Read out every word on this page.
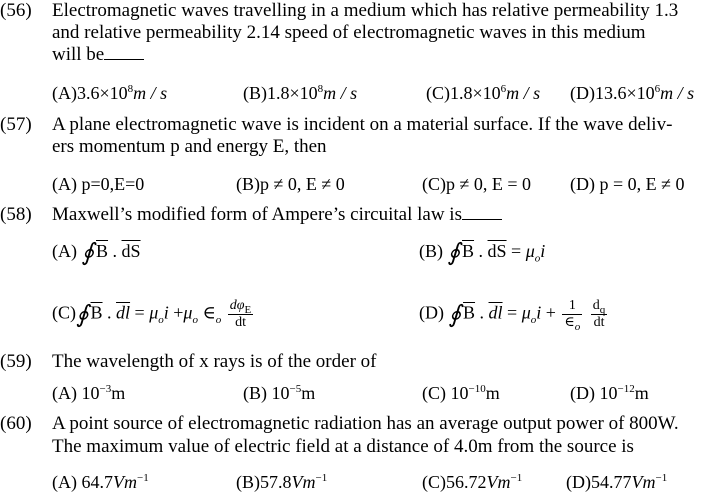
(56) Electromagnetic waves travelling in a medium which has relative permeability 1.3
and relative permeability 2.14 speed of electromagnetic waves in this medium
will be
$(A)3.6\times 10^8m / s$	$(B)1.8\times 10^8m / s$	$(C)1.8\times 10^6m / s$ $(D)13.6\times 10^6m / s$
(57) A plane electromagnetic wave is incident on a material surface. If the wave deliv-
ers momentum p and energy E, then
(A) p=0,E=0	(B)p ≠ 0, E ≠ 0	(C)p ≠ 0, E = 0 (D) p = 0, E ≠ 0
(58) Maxwell’s modified form of Ampere’s circuital law is
(A) ∮ $\overline{B}$ . $\overline{dS}$	(B) ∮ $\overline{B}$ . $\overline{dS} = \mu_oi$
(C)∮ $\overline{B}$ . $\overline{dl} = \mu_oi +\mu_o$ $\in_o \frac{d\varphi_E}{dt}$	(D) ∮ $\overline{B}$ . $\overline{dl} = \mu_oi + \frac{1}{\in_o}$
$\frac{d_q}{dt}$
(59) The wavelength of x rays is of the order of
(A) $10^{-3}m$	(B) $10^{-5}m$	(C) $10^{-10}m$	(D) $10^{-12}m$
(60) A point source of electromagnetic radiation has an average output power of 800W.
The maximum value of electric field at a distance of 4.0m from the source is
(A) $64.7Vm^{-1}$	$(B)57.8Vm^{-1}$	$(C)56.72Vm^{-1}$ $(D)54.77Vm^{-1}$
